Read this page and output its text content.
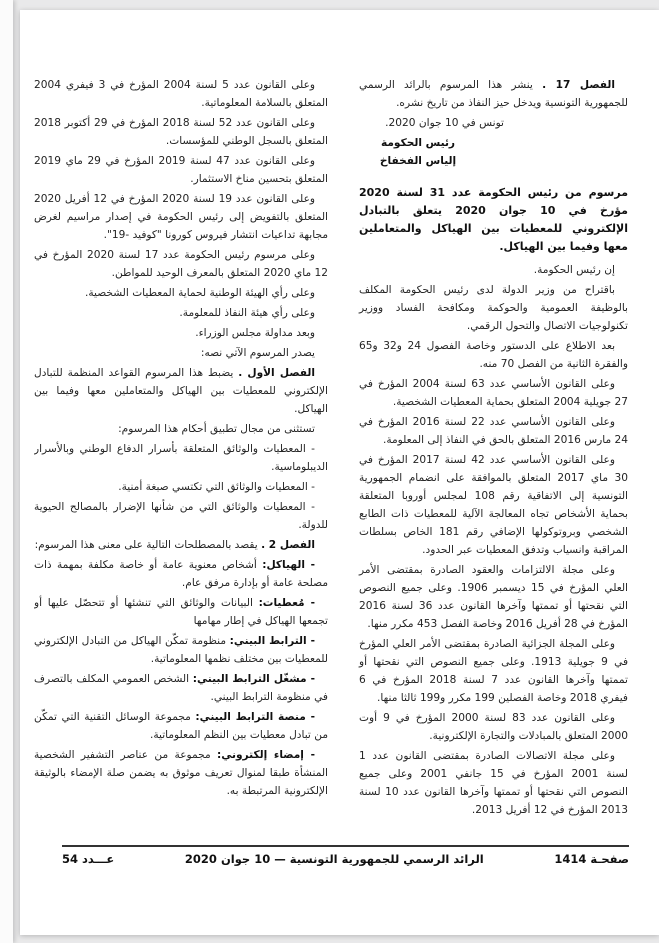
الفصل 17 . ينشر هذا المرسوم بالرائد الرسمي للجمهورية التونسية ويدخل حيز النفاذ من تاريخ نشره.

تونس في 10 جوان 2020.

رئيس الحكومة

إلياس الفخفاخ

مرسوم من رئيس الحكومة عدد 31 لسنة 2020 مؤرخ في 10 جوان 2020 يتعلق بالتبادل الإلكتروني للمعطيات بين الهياكل والمتعاملين معها وفيما بين الهياكل.

إن رئيس الحكومة.

باقتراح من وزير الدولة لدى رئيس الحكومة المكلف بالوظيفة العمومية والحوكمة ومكافحة الفساد ووزير تكنولوجيات الاتصال والتحول الرقمي.

بعد الاطلاع على الدستور وخاصة الفصول 24 و32 و65 والفقرة الثانية من الفصل 70 منه.

وعلى القانون الأساسي عدد 63 لسنة 2004 المؤرخ في 27 جويلية 2004 المتعلق بحماية المعطيات الشخصية.

وعلى القانون الأساسي عدد 22 لسنة 2016 المؤرخ في 24 مارس 2016 المتعلق بالحق في النفاذ إلى المعلومة.

وعلى القانون الأساسي عدد 42 لسنة 2017 المؤرخ في 30 ماي 2017 المتعلق بالموافقة على انضمام الجمهورية التونسية إلى الاتفاقية رقم 108 لمجلس أوروبا المتعلقة بحماية الأشخاص تجاه المعالجة الآلية للمعطيات ذات الطابع الشخصي وبروتوكولها الإضافي رقم 181 الخاص بسلطات المراقبة وانسياب وتدفق المعطيات عبر الحدود.

وعلى مجلة الالتزامات والعقود الصادرة بمقتضى الأمر العلي المؤرخ في 15 ديسمبر 1906. وعلى جميع النصوص التي نقحتها أو تممتها وآخرها القانون عدد 36 لسنة 2016 المؤرخ في 28 أفريل 2016 وخاصة الفصل 453 مكرر منها.

وعلى المجلة الجزائية الصادرة بمقتضى الأمر العلي المؤرخ في 9 جويلية 1913. وعلى جميع النصوص التي نقحتها أو تممتها وآخرها القانون عدد 7 لسنة 2018 المؤرخ في 6 فيفري 2018 وخاصة الفصلين 199 مكرر و199 ثالثا منها.

وعلى القانون عدد 83 لسنة 2000 المؤرخ في 9 أوت 2000 المتعلق بالمبادلات والتجارة الإلكترونية.

وعلى مجلة الاتصالات الصادرة بمقتضى القانون عدد 1 لسنة 2001 المؤرخ في 15 جانفي 2001 وعلى جميع النصوص التي نقحتها أو تممتها وآخرها القانون عدد 10 لسنة 2013 المؤرخ في 12 أفريل 2013.

وعلى القانون عدد 5 لسنة 2004 المؤرخ في 3 فيفري 2004 المتعلق بالسلامة المعلوماتية.

وعلى القانون عدد 52 لسنة 2018 المؤرخ في 29 أكتوبر 2018 المتعلق بالسجل الوطني للمؤسسات.

وعلى القانون عدد 47 لسنة 2019 المؤرخ في 29 ماي 2019 المتعلق بتحسين مناخ الاستثمار.

وعلى القانون عدد 19 لسنة 2020 المؤرخ في 12 أفريل 2020 المتعلق بالتفويض إلى رئيس الحكومة في إصدار مراسيم لغرض مجابهة تداعيات انتشار فيروس كورونا "كوفيد -19".

وعلى مرسوم رئيس الحكومة عدد 17 لسنة 2020 المؤرخ في 12 ماي 2020 المتعلق بالمعرف الوحيد للمواطن.

وعلى رأي الهيئة الوطنية لحماية المعطيات الشخصية.

وعلى رأي هيئة النفاذ للمعلومة.

وبعد مداولة مجلس الوزراء.

يصدر المرسوم الآتي نصه:

الفصل الأول . يضبط هذا المرسوم القواعد المنظمة للتبادل الإلكتروني للمعطيات بين الهياكل والمتعاملين معها وفيما بين الهياكل.

تستثنى من مجال تطبيق أحكام هذا المرسوم:

- المعطيات والوثائق المتعلقة بأسرار الدفاع الوطني وبالأسرار الديبلوماسية.

- المعطيات والوثائق التي تكتسي صبغة أمنية.

- المعطيات والوثائق التي من شأنها الإضرار بالمصالح الحيوية للدولة.

الفصل 2 . يقصد بالمصطلحات التالية على معنى هذا المرسوم:

- الهياكل: أشخاص معنوية عامة أو خاصة مكلفة بمهمة ذات مصلحة عامة أو بإدارة مرفق عام.

- مُعطيات: البيانات والوثائق التي تنشئها أو تتحصّل عليها أو تجمعها الهياكل في إطار مهامها

- الترابط البيني: منظومة تمكّن الهياكل من التبادل الإلكتروني للمعطيات بين مختلف نظمها المعلوماتية.

- مشغّل الترابط البيني: الشخص العمومي المكلف بالتصرف في منظومة الترابط البيني.

- منصة الترابط البيني: مجموعة الوسائل التقنية التي تمكّن من تبادل معطيات بين النظم المعلوماتية.

- إمضاء إلكتروني: مجموعة من عناصر التشفير الشخصية المنشأة طبقا لمنوال تعريف موثوق به يضمن صلة الإمضاء بالوثيقة الإلكترونية المرتبطة به.

صفحـة 1414
الرائد الرسمي للجمهورية التونسية — 10 جوان 2020
عـــدد 54
